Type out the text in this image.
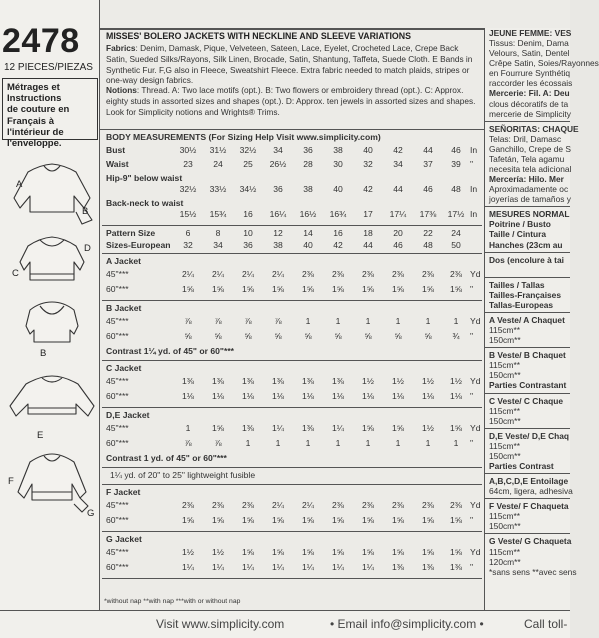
2478
12 PIECES/PIEZAS
Métrages et Instructions
de couture en Français à
l'intérieur de
l'enveloppe.
A
B
C
D
B
E
F
G
MISSES' BOLERO JACKETS WITH NECKLINE AND SLEEVE VARIATIONS
Fabrics: Denim, Damask, Pique, Velveteen, Sateen, Lace, Eyelet, Crocheted Lace, Crepe Back Satin, Sueded Silks/Rayons, Silk Linen, Brocade, Satin, Shantung, Taffeta, Suede Cloth. E Bands in Synthetic Fur. F,G also in Fleece, Sweatshirt Fleece. Extra fabric needed to match plaids, stripes or one-way design fabrics.
Notions: Thread. A: Two lace motifs (opt.). B: Two flowers or embroidery thread (opt.). C: Approx. eighty studs in assorted sizes and shapes (opt.). D: Approx. ten jewels in assorted sizes and shapes. Look for Simplicity notions and Wrights® Trims.
BODY MEASUREMENTS (For Sizing Help Visit www.simplicity.com)
Bust	30½	31½	32½	34	36	38	40	42	44	46	In
Waist	23	24	25	26½	28	30	32	34	37	39	"
Hip-9" below waist
32½	33½	34½	36	38	40	42	44	46	48	In
Back-neck to waist
15½	15¾	16	16¼	16½	16¾	17	17¼	17⅜	17½ In
Pattern Size	6	8	10	12	14	16	18	20	22	24
Sizes-European	32	34	36	38	40	42	44	46	48	50
A Jacket
45"***	2¼	2¼	2¼	2¼	2⅜	2⅜	2⅜	2⅜	2⅜	2⅜ Yd
60"***	1⅝	1⅝	1⅝	1⅝	1⅝	1⅝	1⅝	1⅝	1⅝	1⅝ "
B Jacket
45"***	⅞	⅞	⅞	⅞	1	1	1	1	1	1	Yd
60"***	⅝	⅝	⅝	⅝	⅝	⅝	⅝	⅝	⅝	¾	"
Contrast 1¼ yd. of 45" or 60"***
C Jacket
45"***	1⅜	1⅜	1⅜	1⅜	1⅜	1⅜	1½	1½	1½	1½ Yd
60"***	1⅛	1⅛	1⅛	1⅛	1⅛	1⅛	1⅛	1⅛	1⅛	1⅛ "
D,E Jacket
45"***	1	1⅝	1⅜	1¼	1⅜	1¼	1⅝	1⅝	1½	1⅝ Yd
60"***	⅞	⅞	1	1	1	1	1	1	1	1	"
Contrast 1 yd. of 45" or 60"***
1¼ yd. of 20" to 25" lightweight fusible
F Jacket
45"***	2⅜	2⅜	2⅜	2¼	2¼	2⅜	2⅜	2⅜	2⅜	2⅜ Yd
60"***	1⅝	1⅝	1⅝	1⅝	1⅝	1⅝	1⅝	1⅝	1⅝	1⅝ "
G Jacket
45"***	1½	1½	1⅝	1⅝	1⅝	1⅝	1⅝	1⅝	1⅝	1⅝ Yd
60"***	1¼	1¼	1¼	1¼	1¼	1¼	1¼	1⅜	1⅜	1⅜ "
*without nap **with nap ***with or without nap
JEUNE FEMME: VES
Tissus: Denim, Dama
Velours, Satin, Dentel
Crêpe Satin, Soies/Rayonnes
en Fourrure Synthétiq
raccorder les écossais
Mercerie: Fil. A: Deu
clous décoratifs de ta
mercerie de Simplicity
SEÑORITAS: CHAQUE
Telas: Dril, Damasc
Ganchillo, Crepe de S
Tafetán, Tela agamu
necesita tela adicional
Mercería: Hilo. Mer
Aproximadamente oc
joyerías de tamaños y
MESURES NORMAL
Poitrine / Busto
Taille / Cintura
Hanches (23cm au
Dos (encolure à tai
Tailles / Tallas
Tailles-Françaises
Tallas-Europeas
A Veste/ A Chaquet
115cm**
150cm**
B Veste/ B Chaquet
115cm**
150cm**
Parties Contrastant
C Veste/ C Chaque
115cm**
150cm**
D,E Veste/ D,E Chaq
115cm**
150cm**
Parties Contrast
A,B,C,D,E Entoilage
64cm, ligera, adhesiva
F Veste/ F Chaqueta
115cm**
150cm**
G Veste/ G Chaqueta
115cm**
120cm**
*sans sens **avec sens
Visit www.simplicity.com	• Email info@simplicity.com •	Call toll-
